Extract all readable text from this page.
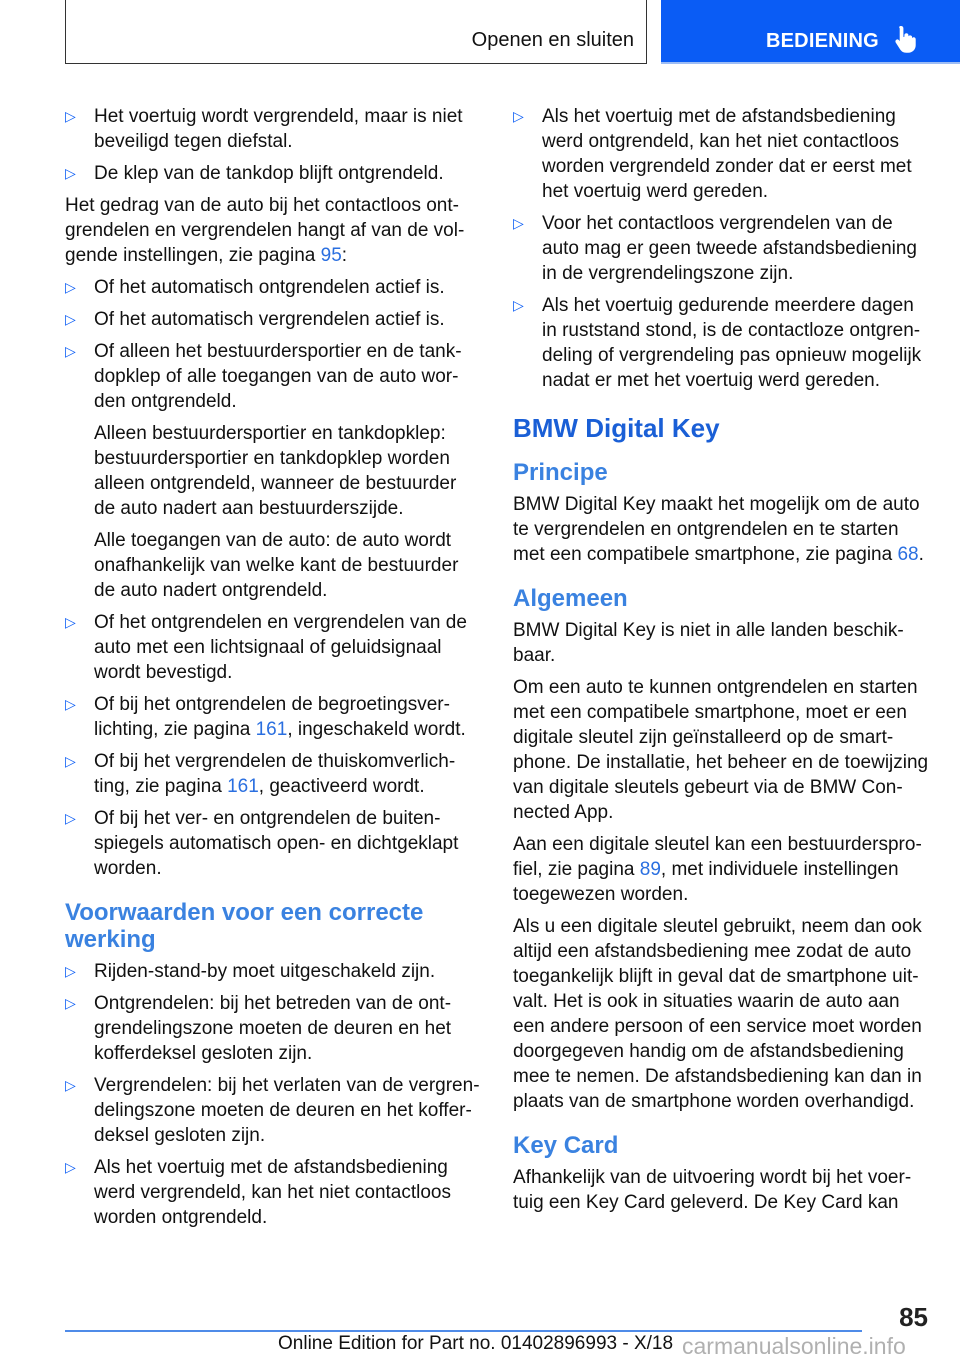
Openen en sluiten	BEDIENING
▷ Het voertuig wordt vergrendeld, maar is niet
beveiligd tegen diefstal.
▷ De klep van de tankdop blijft ontgrendeld.
Het gedrag van de auto bij het contactloos ont-
grendelen en vergrendelen hangt af van de vol-
gende instellingen, zie pagina 95:
▷ Of het automatisch ontgrendelen actief is.
▷ Of het automatisch vergrendelen actief is.
▷ Of alleen het bestuurdersportier en de tank-
dopklep of alle toegangen van de auto wor-
den ontgrendeld.
Alleen bestuurdersportier en tankdopklep:
bestuurdersportier en tankdopklep worden
alleen ontgrendeld, wanneer de bestuurder
de auto nadert aan bestuurderszijde.
Alle toegangen van de auto: de auto wordt
onafhankelijk van welke kant de bestuurder
de auto nadert ontgrendeld.
▷ Of het ontgrendelen en vergrendelen van de
auto met een lichtsignaal of geluidsignaal
wordt bevestigd.
▷ Of bij het ontgrendelen de begroetingsver-
lichting, zie pagina 161, ingeschakeld wordt.
▷ Of bij het vergrendelen de thuiskomverlich-
ting, zie pagina 161, geactiveerd wordt.
▷ Of bij het ver- en ontgrendelen de buiten-
spiegels automatisch open- en dichtgeklapt
worden.
Voorwaarden voor een correcte
werking
▷ Rijden-stand-by moet uitgeschakeld zijn.
▷ Ontgrendelen: bij het betreden van de ont-
grendelingszone moeten de deuren en het
kofferdeksel gesloten zijn.
▷ Vergrendelen: bij het verlaten van de vergren-
delingszone moeten de deuren en het koffer-
deksel gesloten zijn.
▷ Als het voertuig met de afstandsbediening
werd vergrendeld, kan het niet contactloos
worden ontgrendeld.
▷ Als het voertuig met de afstandsbediening
werd ontgrendeld, kan het niet contactloos
worden vergrendeld zonder dat er eerst met
het voertuig werd gereden.
▷ Voor het contactloos vergrendelen van de
auto mag er geen tweede afstandsbediening
in de vergrendelingszone zijn.
▷ Als het voertuig gedurende meerdere dagen
in ruststand stond, is de contactloze ontgren-
deling of vergrendeling pas opnieuw mogelijk
nadat er met het voertuig werd gereden.
BMW Digital Key
Principe
BMW Digital Key maakt het mogelijk om de auto
te vergrendelen en ontgrendelen en te starten
met een compatibele smartphone, zie pagina 68.
Algemeen
BMW Digital Key is niet in alle landen beschik-
baar.
Om een auto te kunnen ontgrendelen en starten
met een compatibele smartphone, moet er een
digitale sleutel zijn geïnstalleerd op de smart-
phone. De installatie, het beheer en de toewijzing
van digitale sleutels gebeurt via de BMW Con-
nected App.
Aan een digitale sleutel kan een bestuurderspro-
fiel, zie pagina 89, met individuele instellingen
toegewezen worden.
Als u een digitale sleutel gebruikt, neem dan ook
altijd een afstandsbediening mee zodat de auto
toegankelijk blijft in geval dat de smartphone uit-
valt. Het is ook in situaties waarin de auto aan
een andere persoon of een service moet worden
doorgegeven handig om de afstandsbediening
mee te nemen. De afstandsbediening kan dan in
plaats van de smartphone worden overhandigd.
Key Card
Afhankelijk van de uitvoering wordt bij het voer-
tuig een Key Card geleverd. De Key Card kan
85
Online Edition for Part no. 01402896993 - X/18 carmanualsonline.info
